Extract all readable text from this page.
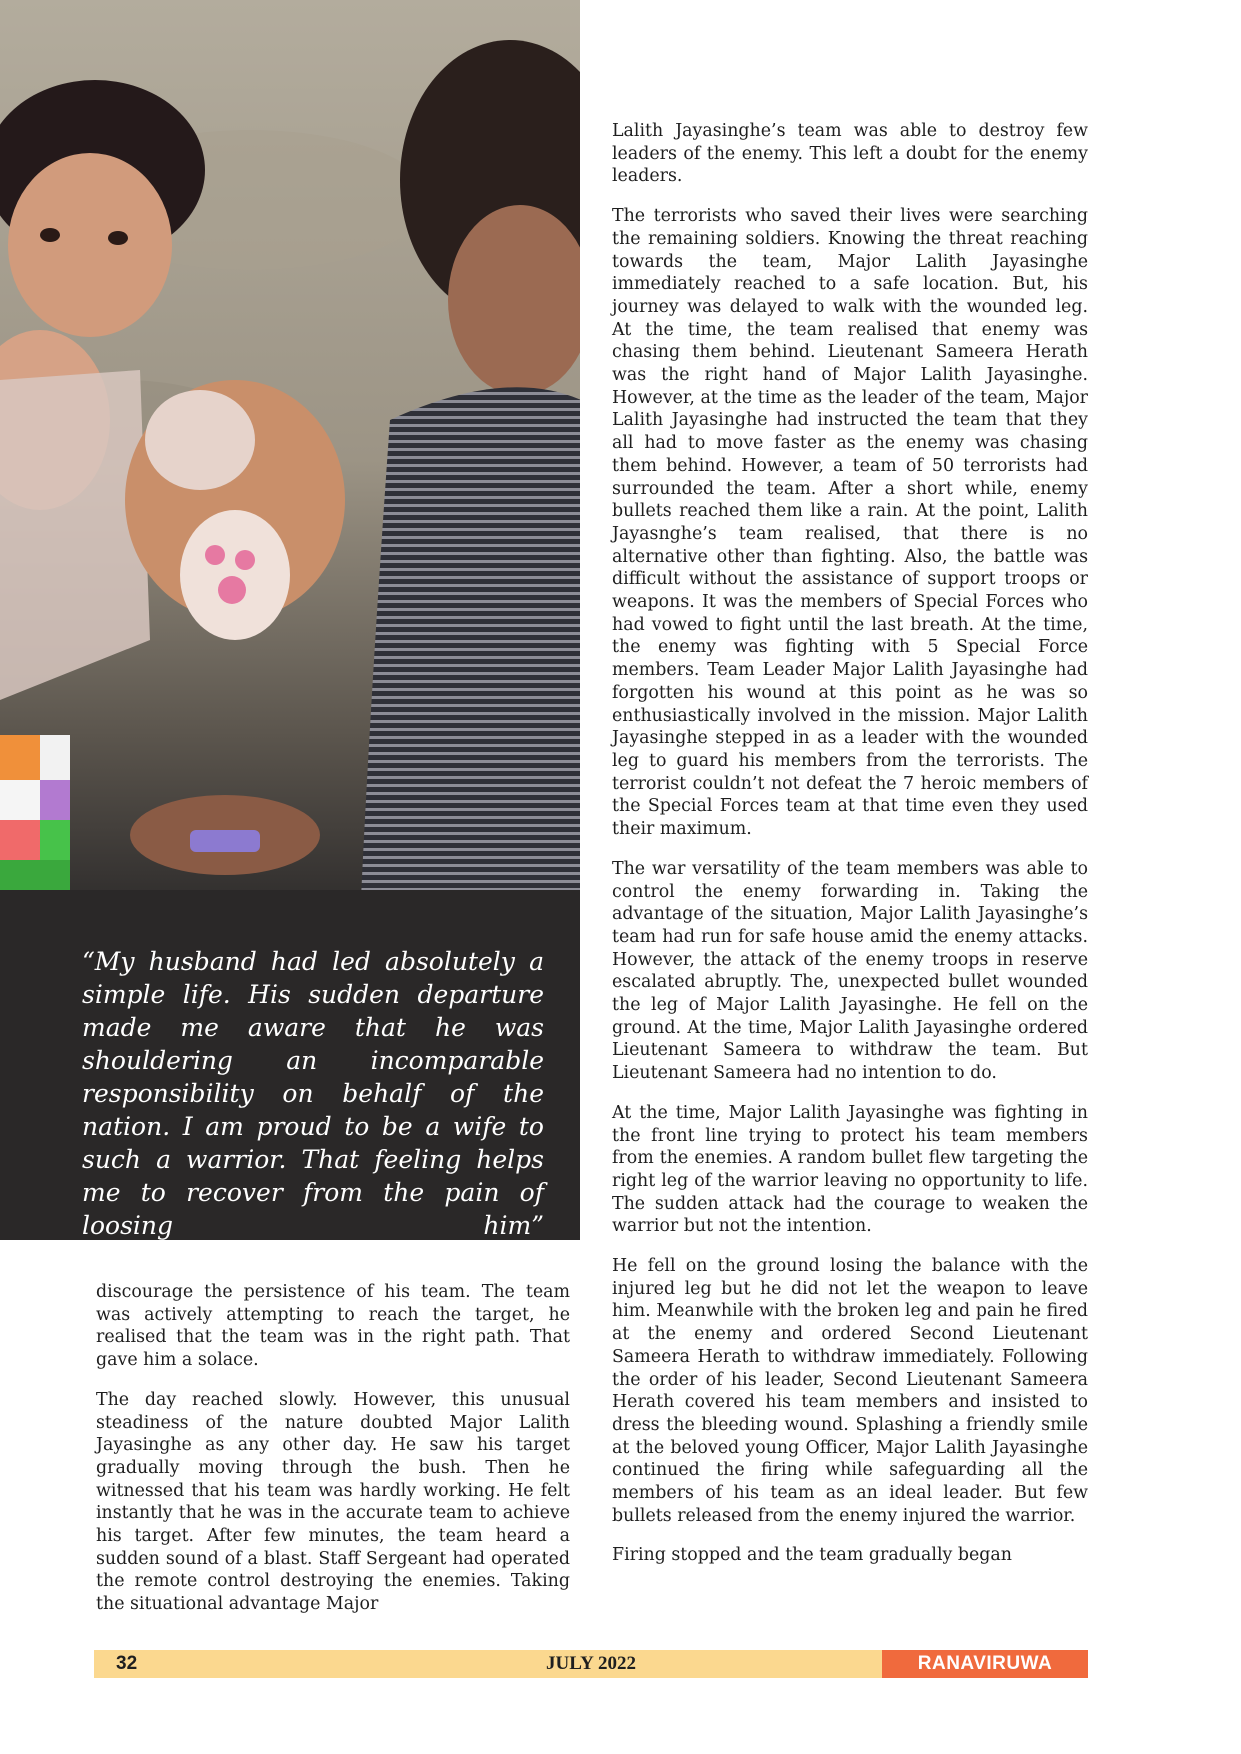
“My husband had led absolutely a simple life. His sudden departure made me aware that he was shouldering an incomparable responsibility on behalf of the nation. I am proud to be a wife to such a warrior. That feeling helps me to recover from the pain of loosing him”

Lalith Jayasinghe’s team was able to destroy few leaders of the enemy. This left a doubt for the enemy leaders.

The terrorists who saved their lives were searching the remaining soldiers. Knowing the threat reaching towards the team, Major Lalith Jayasinghe immediately reached to a safe location. But, his journey was delayed to walk with the wounded leg. At the time, the team realised that enemy was chasing them behind. Lieutenant Sameera Herath was the right hand of Major Lalith Jayasinghe. However, at the time as the leader of the team, Major Lalith Jayasinghe had instructed the team that they all had to move faster as the enemy was chasing them behind. However, a team of 50 terrorists had surrounded the team. After a short while, enemy bullets reached them like a rain. At the point, Lalith Jayasnghe’s team realised, that there is no alternative other than fighting. Also, the battle was difficult without the assistance of support troops or weapons. It was the members of Special Forces who had vowed to fight until the last breath. At the time, the enemy was fighting with 5 Special Force members. Team Leader Major Lalith Jayasinghe had forgotten his wound at this point as he was so enthusiastically involved in the mission. Major Lalith Jayasinghe stepped in as a leader with the wounded leg to guard his members from the terrorists. The terrorist couldn’t not defeat the 7 heroic members of the Special Forces team at that time even they used their maximum.

The war versatility of the team members was able to control the enemy forwarding in. Taking the advantage of the situation, Major Lalith Jayasinghe’s team had run for safe house amid the enemy attacks. However, the attack of the enemy troops in reserve escalated abruptly. The, unexpected bullet wounded the leg of Major Lalith Jayasinghe. He fell on the ground. At the time, Major Lalith Jayasinghe ordered Lieutenant Sameera to withdraw the team. But Lieutenant Sameera had no intention to do.

At the time, Major Lalith Jayasinghe was fighting in the front line trying to protect his team members from the enemies. A random bullet flew targeting the right leg of the warrior leaving no opportunity to life. The sudden attack had the courage to weaken the warrior but not the intention.

He fell on the ground losing the balance with the injured leg but he did not let the weapon to leave him. Meanwhile with the broken leg and pain he fired at the enemy and ordered Second Lieutenant Sameera Herath to withdraw immediately. Following the order of his leader, Second Lieutenant Sameera Herath covered his team members and insisted to dress the bleeding wound. Splashing a friendly smile at the beloved young Officer, Major Lalith Jayasinghe continued the firing while safeguarding all the members of his team as an ideal leader. But few bullets released from the enemy injured the warrior.

Firing stopped and the team gradually began

discourage the persistence of his team. The team was actively attempting to reach the target, he realised that the team was in the right path. That gave him a solace.

The day reached slowly. However, this unusual steadiness of the nature doubted Major Lalith Jayasinghe as any other day. He saw his target gradually moving through the bush. Then he witnessed that his team was hardly working. He felt instantly that he was in the accurate team to achieve his target. After few minutes, the team heard a sudden sound of a blast. Staff Sergeant had operated the remote control destroying the enemies. Taking the situational advantage Major

32	JULY 2022	RANAVIRUWA
